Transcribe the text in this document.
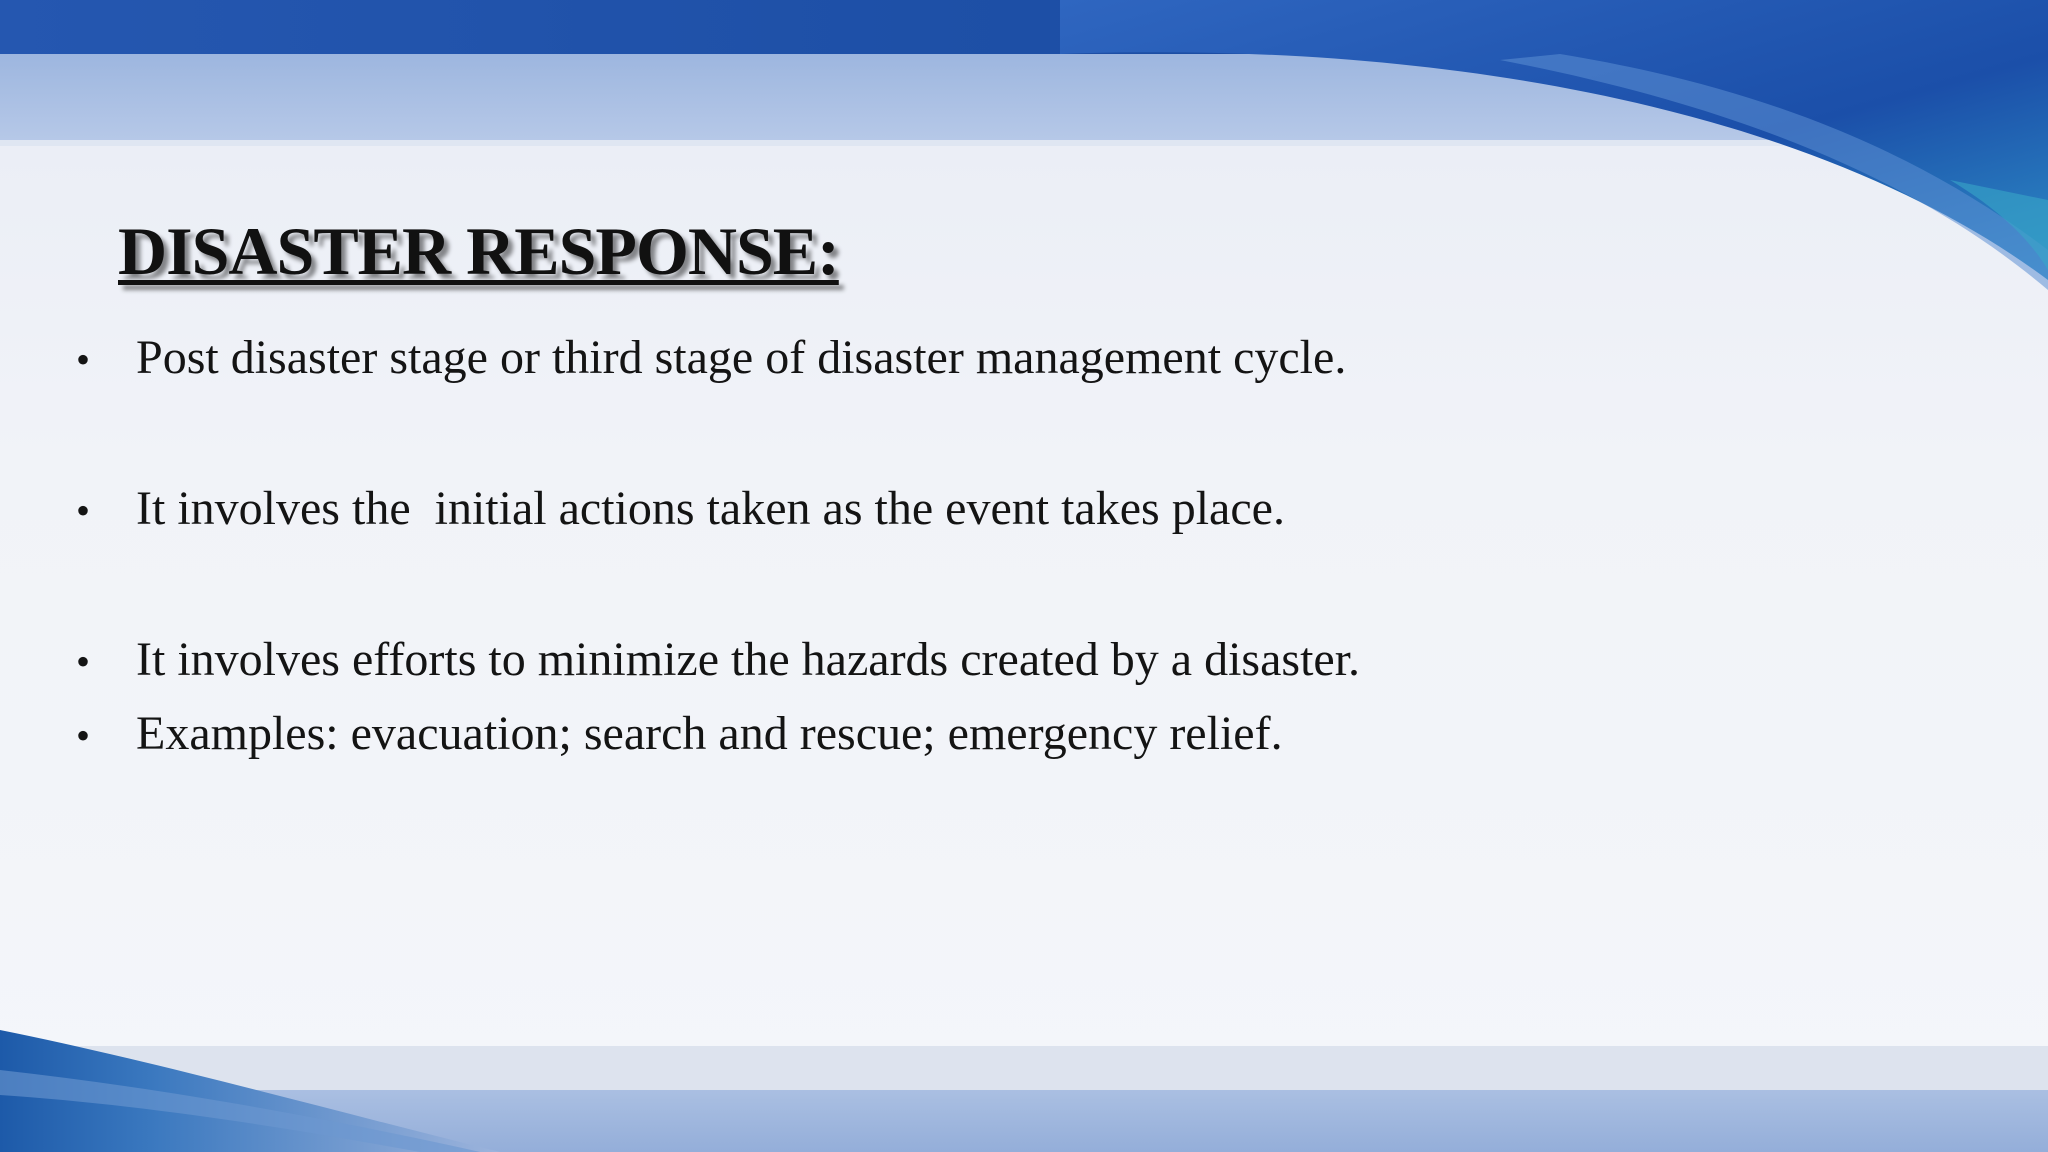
DISASTER RESPONSE:
• Post disaster stage or third stage of disaster management cycle.
• It involves the  initial actions taken as the event takes place.
• It involves efforts to minimize the hazards created by a disaster.
• Examples: evacuation; search and rescue; emergency relief.
